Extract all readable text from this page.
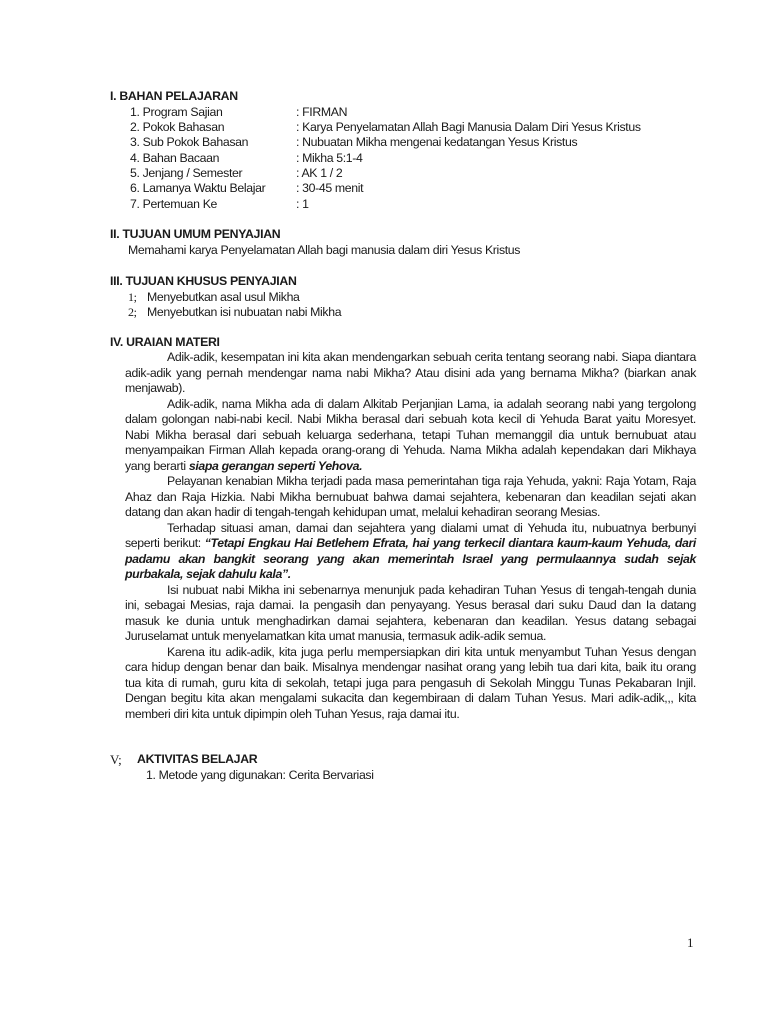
I. BAHAN PELAJARAN
1. Program Sajian	: FIRMAN
2. Pokok Bahasan	: Karya Penyelamatan Allah Bagi Manusia Dalam Diri Yesus Kristus
3. Sub Pokok Bahasan	: Nubuatan Mikha mengenai kedatangan Yesus Kristus
4. Bahan Bacaan	: Mikha 5:1-4
5. Jenjang / Semester	: AK 1 / 2
6. Lamanya Waktu Belajar : 30-45 menit
7. Pertemuan Ke	: 1
II. TUJUAN UMUM PENYAJIAN
Memahami karya Penyelamatan Allah bagi manusia dalam diri Yesus Kristus
III. TUJUAN KHUSUS PENYAJIAN
1; Menyebutkan asal usul Mikha
2; Menyebutkan isi nubuatan nabi Mikha
IV. URAIAN MATERI

Adik-adik, kesempatan ini kita akan mendengarkan sebuah cerita tentang seorang nabi. Siapa diantara adik-adik yang pernah mendengar nama nabi Mikha? Atau disini ada yang bernama Mikha? (biarkan anak menjawab).

Adik-adik, nama Mikha ada di dalam Alkitab Perjanjian Lama, ia adalah seorang nabi yang tergolong dalam golongan nabi-nabi kecil. Nabi Mikha berasal dari sebuah kota kecil di Yehuda Barat yaitu Moresyet. Nabi Mikha berasal dari sebuah keluarga sederhana, tetapi Tuhan memanggil dia untuk bernubuat atau menyampaikan Firman Allah kepada orang-orang di Yehuda. Nama Mikha adalah kependakan dari Mikhaya yang berarti siapa gerangan seperti Yehova.

Pelayanan kenabian Mikha terjadi pada masa pemerintahan tiga raja Yehuda, yakni: Raja Yotam, Raja Ahaz dan Raja Hizkia. Nabi Mikha bernubuat bahwa damai sejahtera, kebenaran dan keadilan sejati akan datang dan akan hadir di tengah-tengah kehidupan umat, melalui kehadiran seorang Mesias.

Terhadap situasi aman, damai dan sejahtera yang dialami umat di Yehuda itu, nubuatnya berbunyi seperti berikut: “Tetapi Engkau Hai Betlehem Efrata, hai yang terkecil diantara kaum-kaum Yehuda, dari padamu akan bangkit seorang yang akan memerintah Israel yang permulaannya sudah sejak purbakala, sejak dahulu kala”.

Isi nubuat nabi Mikha ini sebenarnya menunjuk pada kehadiran Tuhan Yesus di tengah-tengah dunia ini, sebagai Mesias, raja damai. Ia pengasih dan penyayang. Yesus berasal dari suku Daud dan Ia datang masuk ke dunia untuk menghadirkan damai sejahtera, kebenaran dan keadilan. Yesus datang sebagai Juruselamat untuk menyelamatkan kita umat manusia, termasuk adik-adik semua.

Karena itu adik-adik, kita juga perlu mempersiapkan diri kita untuk menyambut Tuhan Yesus dengan cara hidup dengan benar dan baik. Misalnya mendengar nasihat orang yang lebih tua dari kita, baik itu orang tua kita di rumah, guru kita di sekolah, tetapi juga para pengasuh di Sekolah Minggu Tunas Pekabaran Injil. Dengan begitu kita akan mengalami sukacita dan kegembiraan di dalam Tuhan Yesus. Mari adik-adik,,, kita memberi diri kita untuk dipimpin oleh Tuhan Yesus, raja damai itu.

V; AKTIVITAS BELAJAR
1. Metode yang digunakan: Cerita Bervariasi
1
